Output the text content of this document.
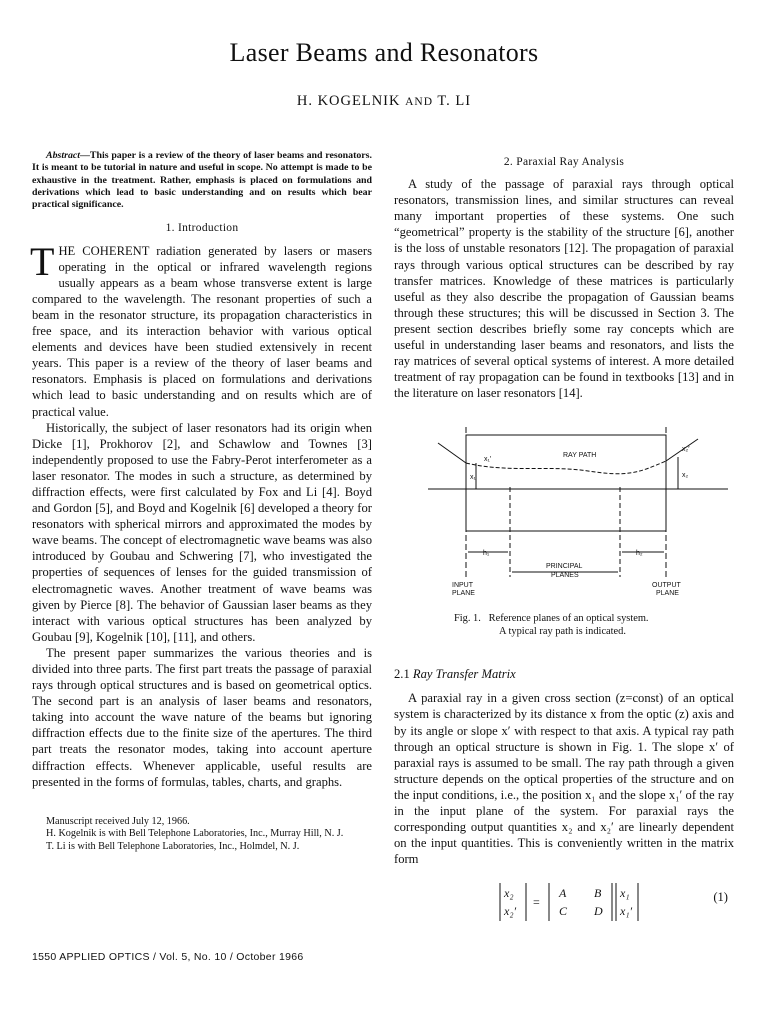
Laser Beams and Resonators
H. KOGELNIK AND T. LI

Abstract—This paper is a review of the theory of laser beams and resonators. It is meant to be tutorial in nature and useful in scope. No attempt is made to be exhaustive in the treatment. Rather, emphasis is placed on formulations and derivations which lead to basic understanding and on results which bear practical significance.

1. Introduction

THE COHERENT radiation generated by lasers or masers operating in the optical or infrared wavelength regions usually appears as a beam whose transverse extent is large compared to the wavelength. The resonant properties of such a beam in the resonator structure, its propagation characteristics in free space, and its interaction behavior with various optical elements and devices have been studied extensively in recent years. This paper is a review of the theory of laser beams and resonators. Emphasis is placed on formulations and derivations which lead to basic understanding and on results which are of practical value.

Historically, the subject of laser resonators had its origin when Dicke [1], Prokhorov [2], and Schawlow and Townes [3] independently proposed to use the Fabry-Perot interferometer as a laser resonator. The modes in such a structure, as determined by diffraction effects, were first calculated by Fox and Li [4]. Boyd and Gordon [5], and Boyd and Kogelnik [6] developed a theory for resonators with spherical mirrors and approximated the modes by wave beams. The concept of electromagnetic wave beams was also introduced by Goubau and Schwering [7], who investigated the properties of sequences of lenses for the guided transmission of electromagnetic waves. Another treatment of wave beams was given by Pierce [8]. The behavior of Gaussian laser beams as they interact with various optical structures has been analyzed by Goubau [9], Kogelnik [10], [11], and others.

The present paper summarizes the various theories and is divided into three parts. The first part treats the passage of paraxial rays through optical structures and is based on geometrical optics. The second part is an analysis of laser beams and resonators, taking into account the wave nature of the beams but ignoring diffraction effects due to the finite size of the apertures. The third part treats the resonator modes, taking into account aperture diffraction effects. Whenever applicable, useful results are presented in the forms of formulas, tables, charts, and graphs.

Manuscript received July 12, 1966.

H. Kogelnik is with Bell Telephone Laboratories, Inc., Murray Hill, N. J.

T. Li is with Bell Telephone Laboratories, Inc., Holmdel, N. J.

1550 APPLIED OPTICS / Vol. 5, No. 10 / October 1966
2. Paraxial Ray Analysis

A study of the passage of paraxial rays through optical resonators, transmission lines, and similar structures can reveal many important properties of these systems. One such “geometrical” property is the stability of the structure [6], another is the loss of unstable resonators [12]. The propagation of paraxial rays through various optical structures can be described by ray transfer matrices. Knowledge of these matrices is particularly useful as they also describe the propagation of Gaussian beams through these structures; this will be discussed in Section 3. The present section describes briefly some ray concepts which are useful in understanding laser beams and resonators, and lists the ray matrices of several optical systems of interest. A more detailed treatment of ray propagation can be found in textbooks [13] and in the literature on laser resonators [14].

RAY PATH
x₁′
x₁
x₂′
x₂
h₁	h₂
PRINCIPAL
PLANES
INPUT
PLANE
OUTPUT
PLANE
Fig. 1. Reference planes of an optical system.
A typical ray path is indicated.
2.1 Ray Transfer Matrix

A paraxial ray in a given cross section (z=const) of an optical system is characterized by its distance x from the optic (z) axis and by its angle or slope x′ with respect to that axis. A typical ray path through an optical structure is shown in Fig. 1. The slope x′ of paraxial rays is assumed to be small. The ray path through a given structure depends on the optical properties of the structure and on the input conditions, i.e., the position x₁ and the slope x₁′ of the ray in the input plane of the system. For paraxial rays the corresponding output quantities x₂ and x₂′ are linearly dependent on the input quantities. This is conveniently written in the matrix form

x₂
x₂′
=
A B
C D
x₁
x₁′
(1)
